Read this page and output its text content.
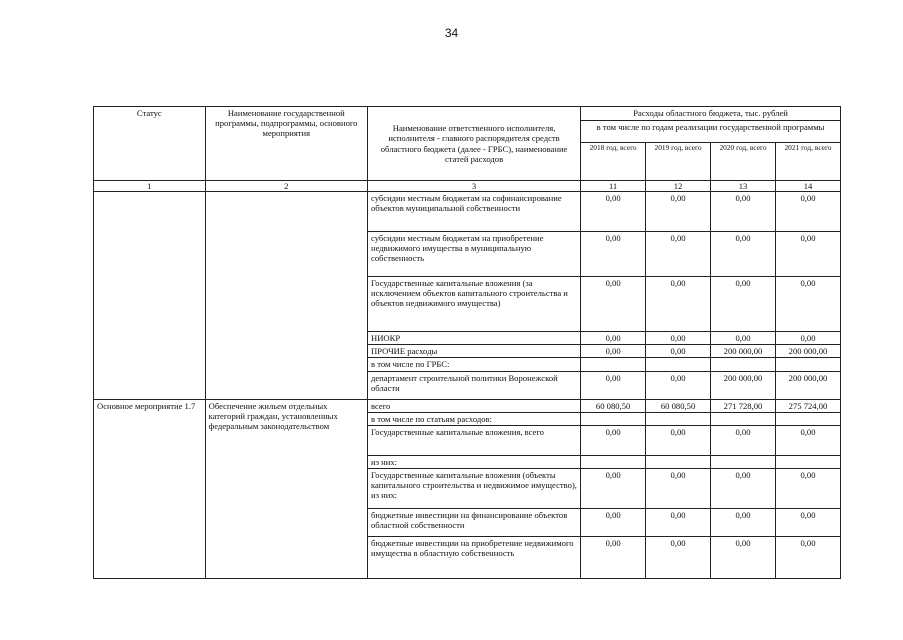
34
Статус	Наименование государственной программы, подпрограммы, основного мероприятия	Наименование ответственного исполнителя, исполнителя - главного распорядителя средств областного бюджета (далее - ГРБС), наименование статей расходов	Расходы областного бюджета, тыс. рублей			
			в том числе по годам реализации государственной программы			
			2018 год, всего	2019 год, всего	2020 год, всего	2021 год, всего
1	2	3	11	12	13	14
		субсидии местным бюджетам на софинансирование объектов муниципальной собственности	0,00	0,00	0,00	0,00
		субсидии местным бюджетам на приобретение недвижимого имущества в муниципальную собственность	0,00	0,00	0,00	0,00
		Государственные капитальные вложения (за исключением объектов капитального строительства и объектов недвижимого имущества)	0,00	0,00	0,00	0,00
		НИОКР	0,00	0,00	0,00	0,00
		ПРОЧИЕ расходы	0,00	0,00	200 000,00	200 000,00
		в том числе по ГРБС:				
		департамент строительной политики Воронежской области	0,00	0,00	200 000,00	200 000,00
Основное мероприятие 1.7	Обеспечение жильем отдельных категорий граждан, установленных федеральным законодательством	всего	60 080,50	60 080,50	271 728,00	275 724,00
		в том числе по статьям расходов:				
		Государственные капитальные вложения, всего	0,00	0,00	0,00	0,00
		из них:				
		Государственные капитальные вложения (объекты капитального строительства и недвижимое имущество), из них:	0,00	0,00	0,00	0,00
		бюджетные инвестиции на финансирование объектов областной собственности	0,00	0,00	0,00	0,00
		бюджетные инвестиции на приобретение недвижимого имущества в областную собственность	0,00	0,00	0,00	0,00
